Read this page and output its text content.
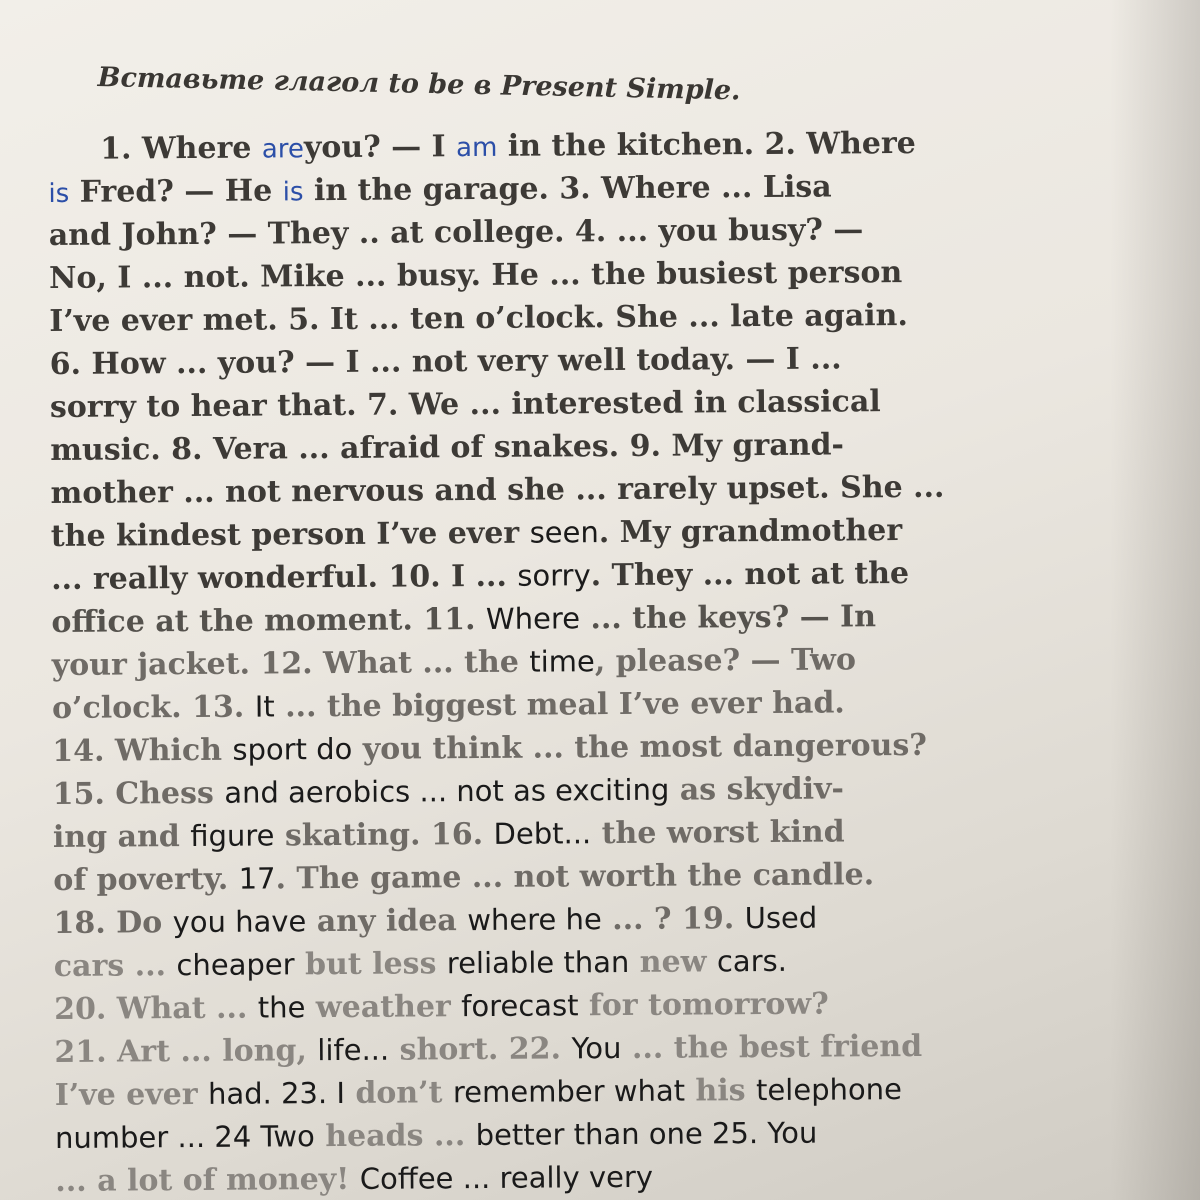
Вставьте глагол to be в Present Simple.
1. Where areyou? — I am in the kitchen. 2. Where
is Fred? — He is in the garage. 3. Where ... Lisa
and John? — They .. at college. 4. ... you busy? —
No, I ... not. Mike ... busy. He ... the busiest person
I’ve ever met. 5. It ... ten o’clock. She ... late again.
6. How ... you? — I ... not very well today. — I ...
sorry to hear that. 7. We ... interested in classical
music. 8. Vera ... afraid of snakes. 9. My grand-
mother ... not nervous and she ... rarely upset. She ...
the kindest person I’ve ever seen. My grandmother
... really wonderful. 10. I ... sorry. They ... not at the
office at the moment. 11. Where ... the keys? — In
your jacket. 12. What ... the time, please? — Two
o’clock. 13. It ... the biggest meal I’ve ever had.
14. Which sport do you think ... the most dangerous?
15. Chess and aerobics ... not as exciting as skydiv-
ing and figure skating. 16. Debt... the worst kind
of poverty. 17. The game ... not worth the candle.
18. Do you have any idea where he ... ? 19. Used
cars ... cheaper but less reliable than new cars.
20. What ... the weather forecast for tomorrow?
21. Art ... long, life... short. 22. You ... the best friend
I’ve ever had. 23. I don’t remember what his telephone
number ... 24 Two heads ... better than one 25. You
... a lot of money! Coffee ... really very
